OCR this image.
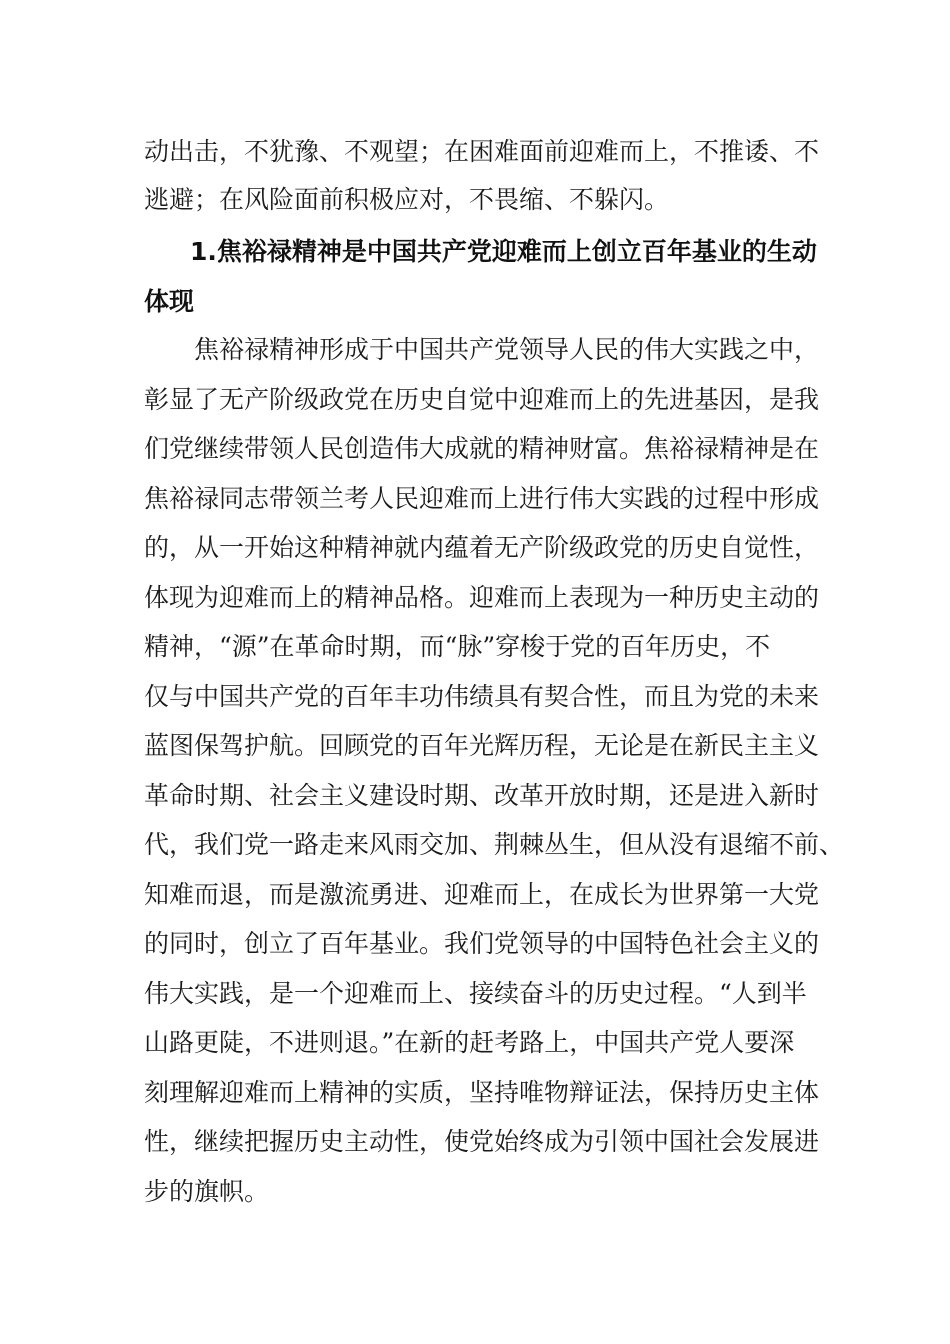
动出击，不犹豫、不观望；在困难面前迎难而上，不推诿、不
逃避；在风险面前积极应对，不畏缩、不躲闪。
1.焦裕禄精神是中国共产党迎难而上创立百年基业的生动
体现
焦裕禄精神形成于中国共产党领导人民的伟大实践之中，
彰显了无产阶级政党在历史自觉中迎难而上的先进基因，是我
们党继续带领人民创造伟大成就的精神财富。焦裕禄精神是在
焦裕禄同志带领兰考人民迎难而上进行伟大实践的过程中形成
的，从一开始这种精神就内蕴着无产阶级政党的历史自觉性，
体现为迎难而上的精神品格。迎难而上表现为一种历史主动的
精神，“源”在革命时期，而“脉”穿梭于党的百年历史，不
仅与中国共产党的百年丰功伟绩具有契合性，而且为党的未来
蓝图保驾护航。回顾党的百年光辉历程，无论是在新民主主义
革命时期、社会主义建设时期、改革开放时期，还是进入新时
代，我们党一路走来风雨交加、荆棘丛生，但从没有退缩不前、
知难而退，而是激流勇进、迎难而上，在成长为世界第一大党
的同时，创立了百年基业。我们党领导的中国特色社会主义的
伟大实践，是一个迎难而上、接续奋斗的历史过程。“人到半
山路更陡，不进则退。”在新的赶考路上，中国共产党人要深
刻理解迎难而上精神的实质，坚持唯物辩证法，保持历史主体
性，继续把握历史主动性，使党始终成为引领中国社会发展进
步的旗帜。
